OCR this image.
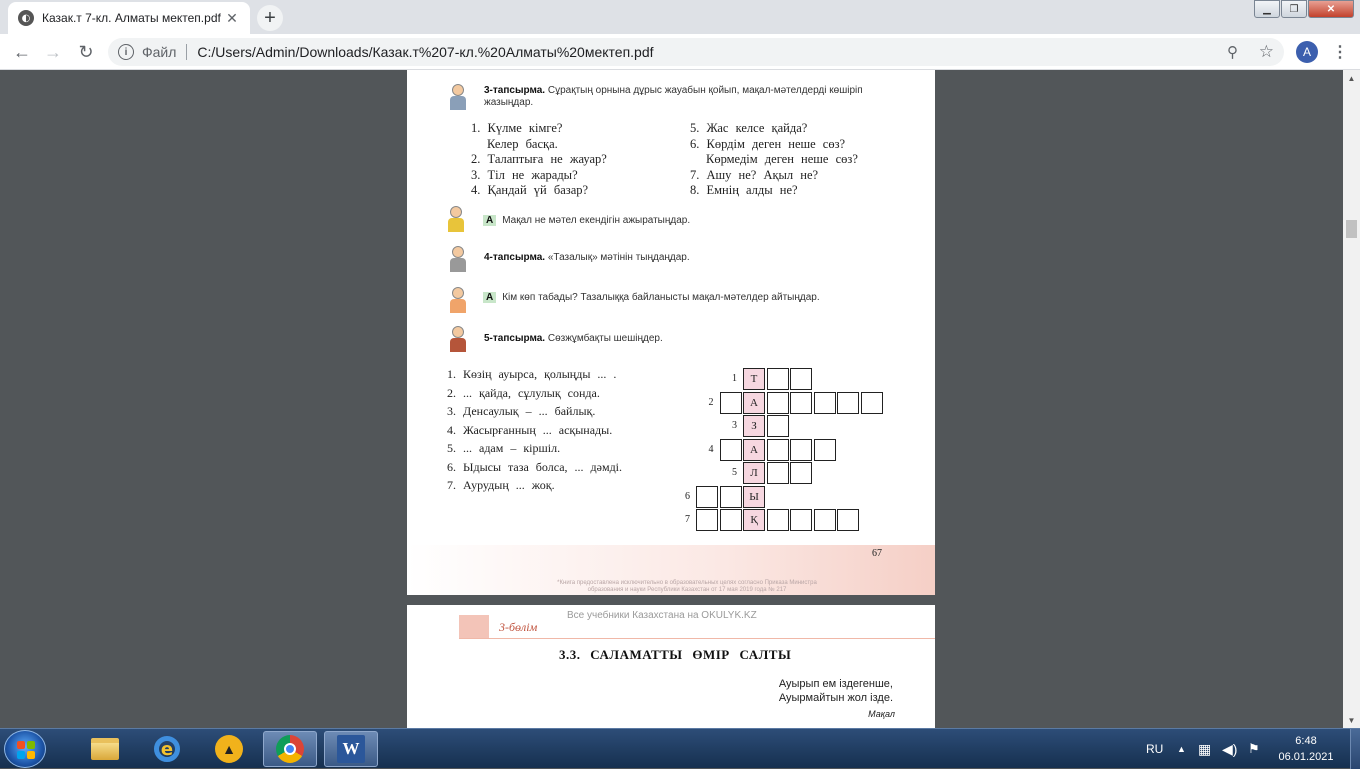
◐ Казак.т 7-кл. Алматы мектеп.pdf ✕	+	▁	❐	✕
← → ↻	i	Файл C:/Users/Admin/Downloads/Казак.т%207-кл.%20Алматы%20мектеп.pdf	⚲ ☆	A	⋮
3-тапсырма. Сұрақтың орнына дұрыс жауабын қойып, мақал-мәтелдерді көшіріп жазыңдар.
1. Күлме кімге?
Келер басқа.
2. Талаптыға не жауар?
3. Тіл не жарады?
4. Қандай үй базар?
5. Жас келсе қайда?
6. Көрдім деген неше сөз?
Көрмедім деген неше сөз?
7. Ашу не? Ақыл не?
8. Емнің алды не?
А Мақал не мәтел екендігін ажыратыңдар.
4-тапсырма. «Тазалық» мәтінін тыңдаңдар.
А Кім көп табады? Тазалыққа байланысты мақал-мәтелдер айтыңдар.
5-тапсырма. Сөзжұмбақты шешіңдер.
1. Көзің ауырса, қолыңды ... .
2. ... қайда, сұлулық сонда.
3. Денсаулық – ... байлық.
4. Жасырғанның ... асқынады.
5. ... адам – кіршіл.
6. Ыдысы таза болса, ... дәмді.
7. Аурудың ... жоқ.
1	Т
2	А
3	З
4	А
5	Л
6	Ы
7	Қ
67
*Книга предоставлена исключительно в образовательных целях согласно Приказа Министра образования и науки Республики Казахстан от 17 мая 2019 года № 217
Все учебники Казахстана на OKULYK.KZ
3-бөлім
3.3. САЛАМАТТЫ ӨМІР САЛТЫ
Ауырып ем іздегенше,
Ауырмайтын жол ізде.
Мақал
▲
▼
e	▲	W	RU ▲ ▦ ◀) ⚑	6:48
06.01.2021
